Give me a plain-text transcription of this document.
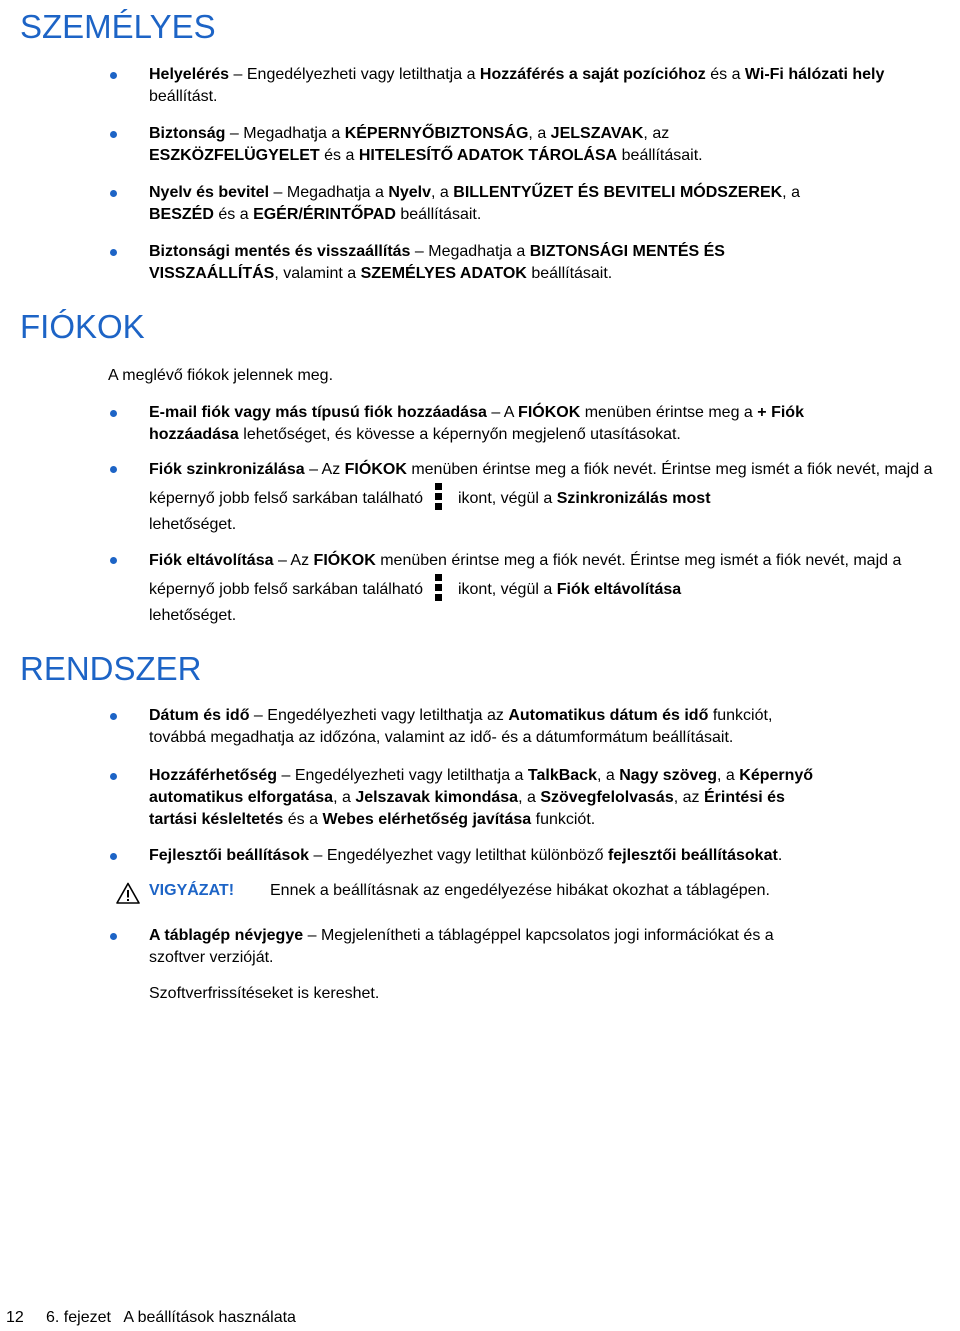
SZEMÉLYES
Helyelérés – Engedélyezheti vagy letilthatja a Hozzáférés a saját pozícióhoz és a Wi-Fi hálózati hely beállítást.
Biztonság – Megadhatja a KÉPERNYŐBIZTONSÁG, a JELSZAVAK, az
ESZKÖZFELÜGYELET és a HITELESÍTŐ ADATOK TÁROLÁSA beállításait.
Nyelv és bevitel – Megadhatja a Nyelv, a BILLENTYŰZET ÉS BEVITELI MÓDSZEREK, a
BESZÉD és a EGÉR/ÉRINTŐPAD beállításait.
Biztonsági mentés és visszaállítás – Megadhatja a BIZTONSÁGI MENTÉS ÉS
VISSZAÁLLÍTÁS, valamint a SZEMÉLYES ADATOK beállításait.
FIÓKOK
A meglévő fiókok jelennek meg.
E-mail fiók vagy más típusú fiók hozzáadása – A FIÓKOK menüben érintse meg a + Fiók
hozzáadása lehetőséget, és kövesse a képernyőn megjelenő utasításokat.
Fiók szinkronizálása – Az FIÓKOK menüben érintse meg a fiók nevét. Érintse meg ismét a fiók nevét, majd a képernyő jobb felső sarkában található ikont, végül a Szinkronizálás most
lehetőséget.
Fiók eltávolítása – Az FIÓKOK menüben érintse meg a fiók nevét. Érintse meg ismét a fiók nevét, majd a képernyő jobb felső sarkában található ikont, végül a Fiók eltávolítása
lehetőséget.
RENDSZER
Dátum és idő – Engedélyezheti vagy letilthatja az Automatikus dátum és idő funkciót,
továbbá megadhatja az időzóna, valamint az idő- és a dátumformátum beállításait.
Hozzáférhetőség – Engedélyezheti vagy letilthatja a TalkBack, a Nagy szöveg, a Képernyő
automatikus elforgatása, a Jelszavak kimondása, a Szövegfelolvasás, az Érintési és
tartási késleltetés és a Webes elérhetőség javítása funkciót.
Fejlesztői beállítások – Engedélyezhet vagy letilthat különböző fejlesztői beállításokat.
VIGYÁZAT! Ennek a beállításnak az engedélyezése hibákat okozhat a táblagépen.
A táblagép névjegye – Megjelenítheti a táblagéppel kapcsolatos jogi információkat és a
szoftver verzióját.
Szoftverfrissítéseket is kereshet.
12 6. fejezet   A beállítások használata
